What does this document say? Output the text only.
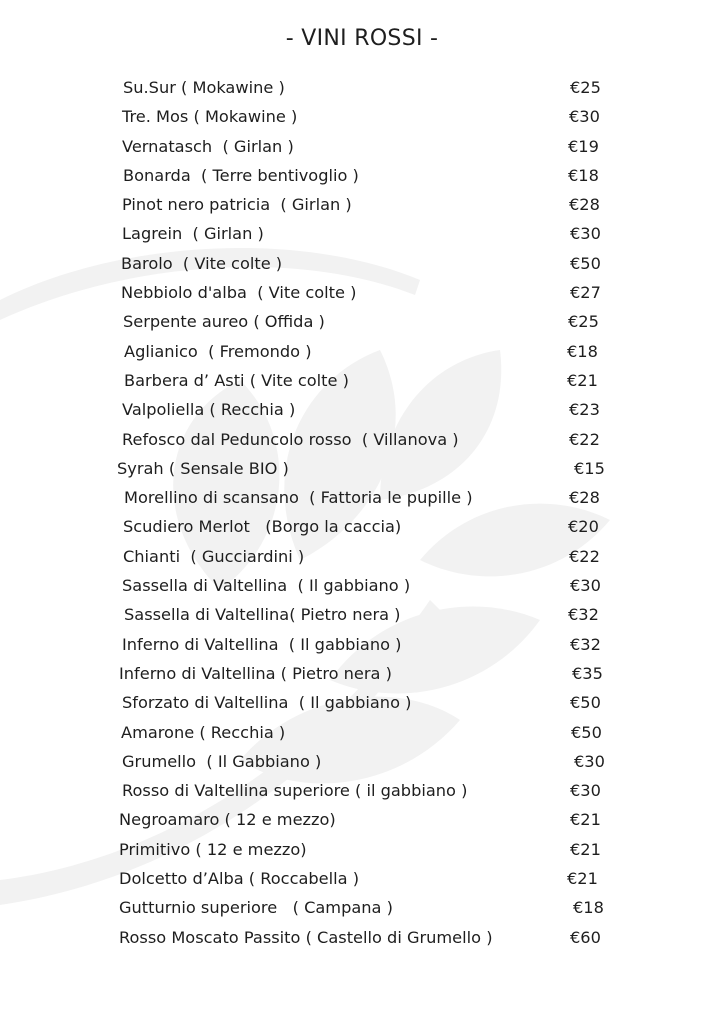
- VINI ROSSI -
Su.Sur ( Mokawine )	€25
Tre. Mos ( Mokawine )	€30
Vernatasch  ( Girlan )	€19
Bonarda  ( Terre bentivoglio )	€18
Pinot nero patricia  ( Girlan )	€28
Lagrein  ( Girlan )	€30
Barolo  ( Vite colte )	€50
Nebbiolo d'alba  ( Vite colte )	€27
Serpente aureo ( Offida )	€25
Aglianico  ( Fremondo )	€18
Barbera d’ Asti ( Vite colte )	€21
Valpoliella ( Recchia )	€23
Refosco dal Peduncolo rosso  ( Villanova )	€22
Syrah ( Sensale BIO )	€15
Morellino di scansano  ( Fattoria le pupille )	€28
Scudiero Merlot   (Borgo la caccia)	€20
Chianti  ( Gucciardini )	€22
Sassella di Valtellina  ( Il gabbiano )	€30
Sassella di Valtellina( Pietro nera )	€32
Inferno di Valtellina  ( Il gabbiano )	€32
Inferno di Valtellina ( Pietro nera )	€35
Sforzato di Valtellina  ( Il gabbiano )	€50
Amarone ( Recchia )	€50
Grumello  ( Il Gabbiano )	€30
Rosso di Valtellina superiore ( il gabbiano )	€30
Negroamaro ( 12 e mezzo)	€21
Primitivo ( 12 e mezzo)	€21
Dolcetto d’Alba ( Roccabella )	€21
Gutturnio superiore   ( Campana )	€18
Rosso Moscato Passito ( Castello di Grumello )	€60
